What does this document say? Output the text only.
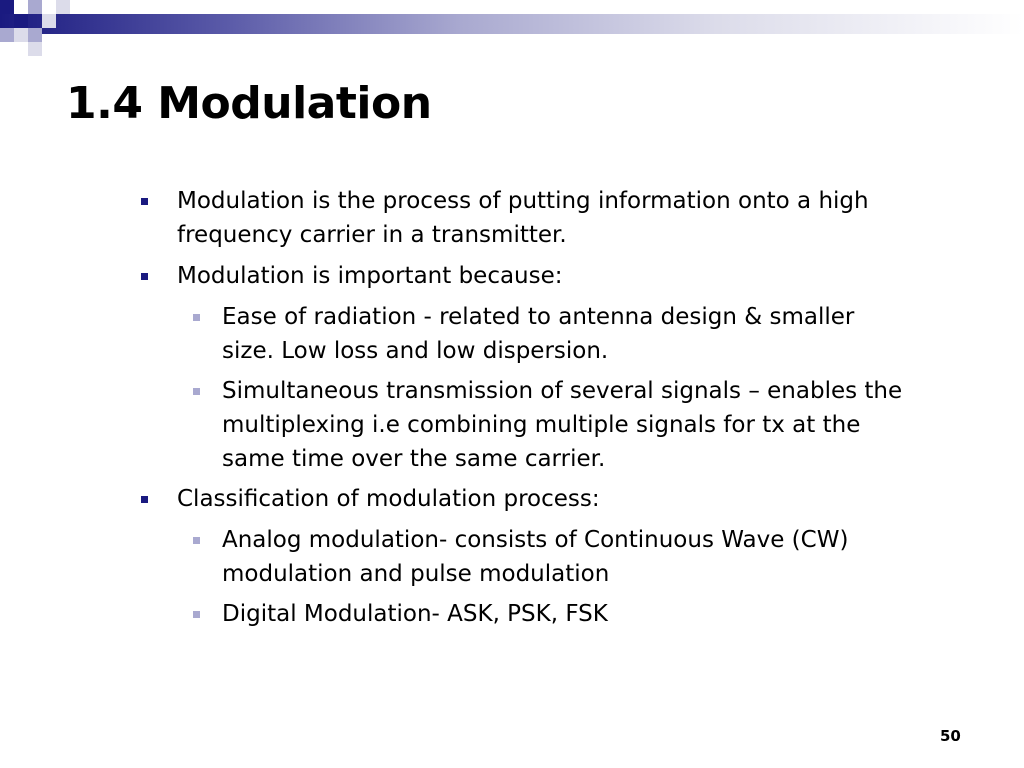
1.4 Modulation
Modulation is the process of putting information onto a high
frequency carrier in a transmitter.
Modulation is important because:
Ease of radiation - related to antenna design & smaller
size. Low loss and low dispersion.
Simultaneous transmission of several signals – enables the
multiplexing i.e combining multiple signals for tx at the
same time over the same carrier.
Classification of modulation process:
Analog modulation- consists of Continuous Wave (CW)
modulation and pulse modulation
Digital Modulation- ASK, PSK, FSK
50
